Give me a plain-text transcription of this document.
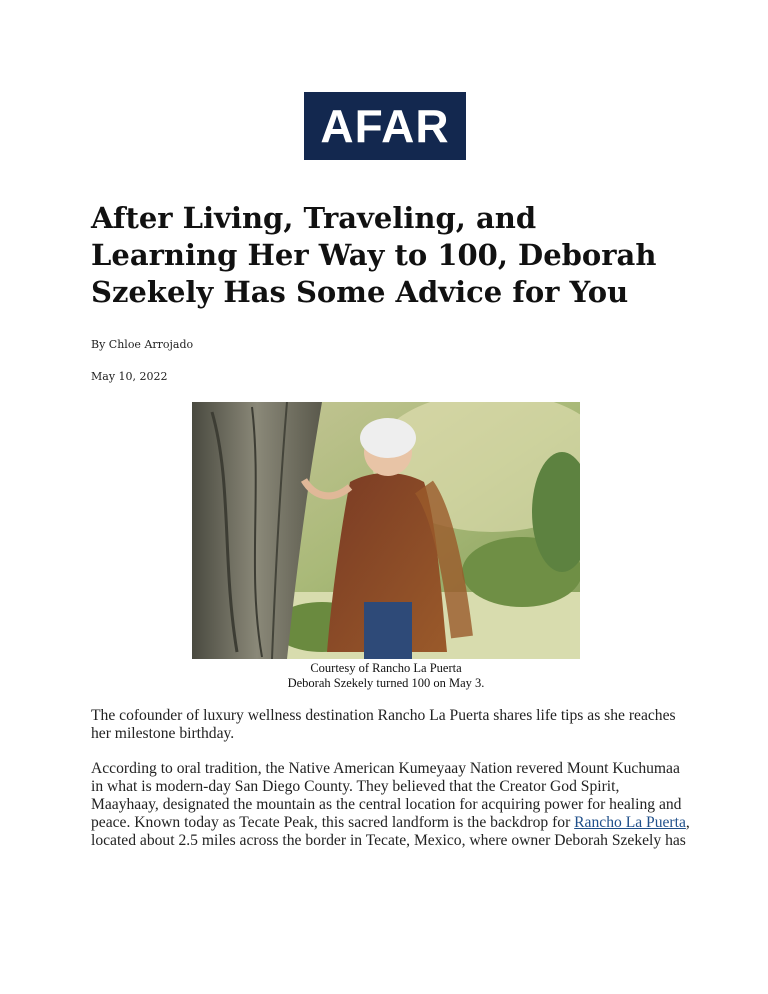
AFAR
After Living, Traveling, and Learning Her Way to 100, Deborah Szekely Has Some Advice for You

By Chloe Arrojado

May 10, 2022

Courtesy of Rancho La Puerta
Deborah Szekely turned 100 on May 3.

The cofounder of luxury wellness destination Rancho La Puerta shares life tips as she reaches her milestone birthday.

According to oral tradition, the Native American Kumeyaay Nation revered Mount Kuchumaa in what is modern-day San Diego County. They believed that the Creator God Spirit, Maayhaay, designated the mountain as the central location for acquiring power for healing and peace. Known today as Tecate Peak, this sacred landform is the backdrop for Rancho La Puerta, located about 2.5 miles across the border in Tecate, Mexico, where owner Deborah Szekely has
